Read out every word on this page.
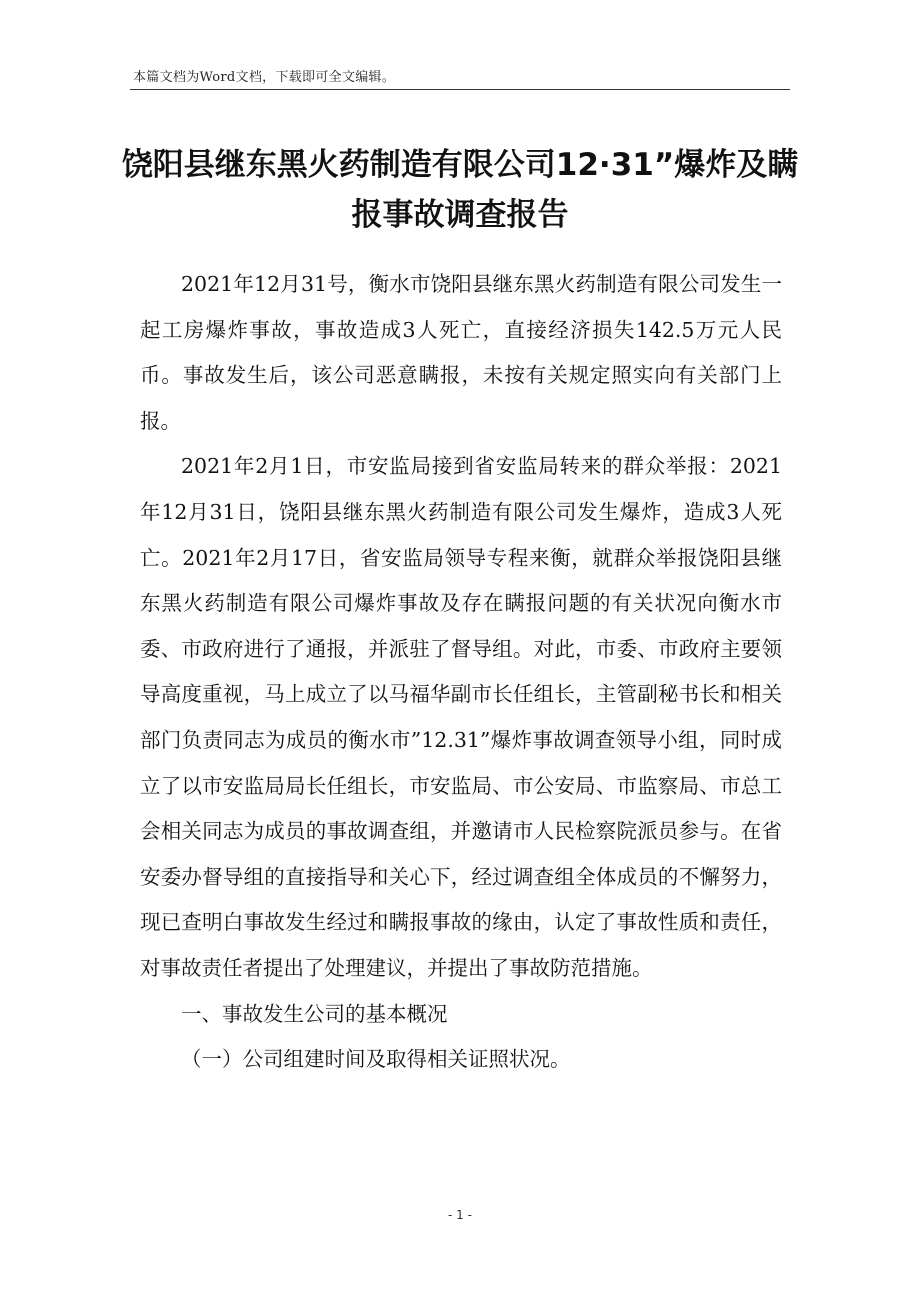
本篇文档为Word文档，下载即可全文编辑。
饶阳县继东黑火药制造有限公司12·31”爆炸及瞒
报事故调查报告

2021年12月31号，衡水市饶阳县继东黑火药制造有限公司发生一起工房爆炸事故，事故造成3人死亡，直接经济损失142.5万元人民币。事故发生后，该公司恶意瞒报，未按有关规定照实向有关部门上报。

2021年2月1日，市安监局接到省安监局转来的群众举报：2021年12月31日，饶阳县继东黑火药制造有限公司发生爆炸，造成3人死亡。2021年2月17日，省安监局领导专程来衡，就群众举报饶阳县继东黑火药制造有限公司爆炸事故及存在瞒报问题的有关状况向衡水市委、市政府进行了通报，并派驻了督导组。对此，市委、市政府主要领导高度重视，马上成立了以马福华副市长任组长，主管副秘书长和相关部门负责同志为成员的衡水市”12.31”爆炸事故调查领导小组，同时成立了以市安监局局长任组长，市安监局、市公安局、市监察局、市总工会相关同志为成员的事故调查组，并邀请市人民检察院派员参与。在省安委办督导组的直接指导和关心下，经过调查组全体成员的不懈努力，现已查明白事故发生经过和瞒报事故的缘由，认定了事故性质和责任，对事故责任者提出了处理建议，并提出了事故防范措施。

一、事故发生公司的基本概况

（一）公司组建时间及取得相关证照状况。

- 1 -
